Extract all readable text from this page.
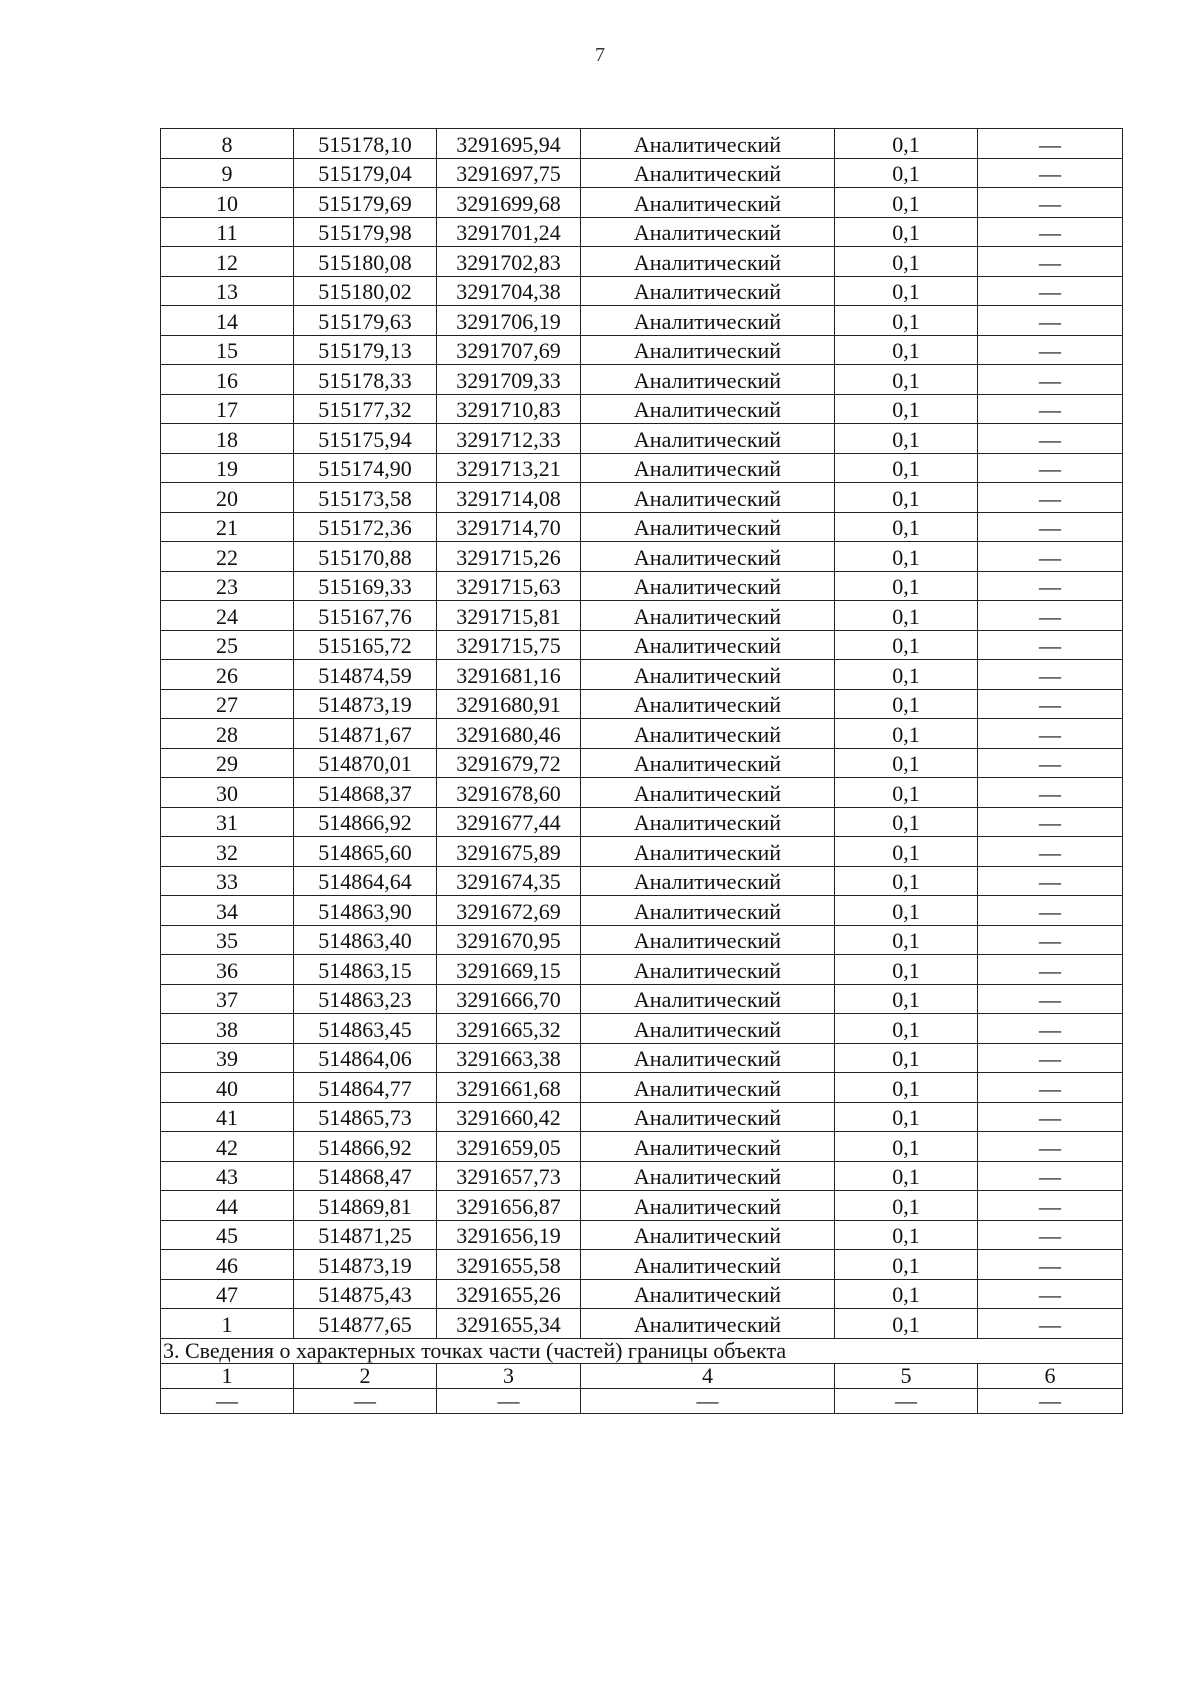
7
8	515178,10	3291695,94	Аналитический	0,1	—
9	515179,04	3291697,75	Аналитический	0,1	—
10	515179,69	3291699,68	Аналитический	0,1	—
11	515179,98	3291701,24	Аналитический	0,1	—
12	515180,08	3291702,83	Аналитический	0,1	—
13	515180,02	3291704,38	Аналитический	0,1	—
14	515179,63	3291706,19	Аналитический	0,1	—
15	515179,13	3291707,69	Аналитический	0,1	—
16	515178,33	3291709,33	Аналитический	0,1	—
17	515177,32	3291710,83	Аналитический	0,1	—
18	515175,94	3291712,33	Аналитический	0,1	—
19	515174,90	3291713,21	Аналитический	0,1	—
20	515173,58	3291714,08	Аналитический	0,1	—
21	515172,36	3291714,70	Аналитический	0,1	—
22	515170,88	3291715,26	Аналитический	0,1	—
23	515169,33	3291715,63	Аналитический	0,1	—
24	515167,76	3291715,81	Аналитический	0,1	—
25	515165,72	3291715,75	Аналитический	0,1	—
26	514874,59	3291681,16	Аналитический	0,1	—
27	514873,19	3291680,91	Аналитический	0,1	—
28	514871,67	3291680,46	Аналитический	0,1	—
29	514870,01	3291679,72	Аналитический	0,1	—
30	514868,37	3291678,60	Аналитический	0,1	—
31	514866,92	3291677,44	Аналитический	0,1	—
32	514865,60	3291675,89	Аналитический	0,1	—
33	514864,64	3291674,35	Аналитический	0,1	—
34	514863,90	3291672,69	Аналитический	0,1	—
35	514863,40	3291670,95	Аналитический	0,1	—
36	514863,15	3291669,15	Аналитический	0,1	—
37	514863,23	3291666,70	Аналитический	0,1	—
38	514863,45	3291665,32	Аналитический	0,1	—
39	514864,06	3291663,38	Аналитический	0,1	—
40	514864,77	3291661,68	Аналитический	0,1	—
41	514865,73	3291660,42	Аналитический	0,1	—
42	514866,92	3291659,05	Аналитический	0,1	—
43	514868,47	3291657,73	Аналитический	0,1	—
44	514869,81	3291656,87	Аналитический	0,1	—
45	514871,25	3291656,19	Аналитический	0,1	—
46	514873,19	3291655,58	Аналитический	0,1	—
47	514875,43	3291655,26	Аналитический	0,1	—
1	514877,65	3291655,34	Аналитический	0,1	—
3. Сведения о характерных точках части (частей) границы объекта					
1	2	3	4	5	6
—	—	—	—	—	—
